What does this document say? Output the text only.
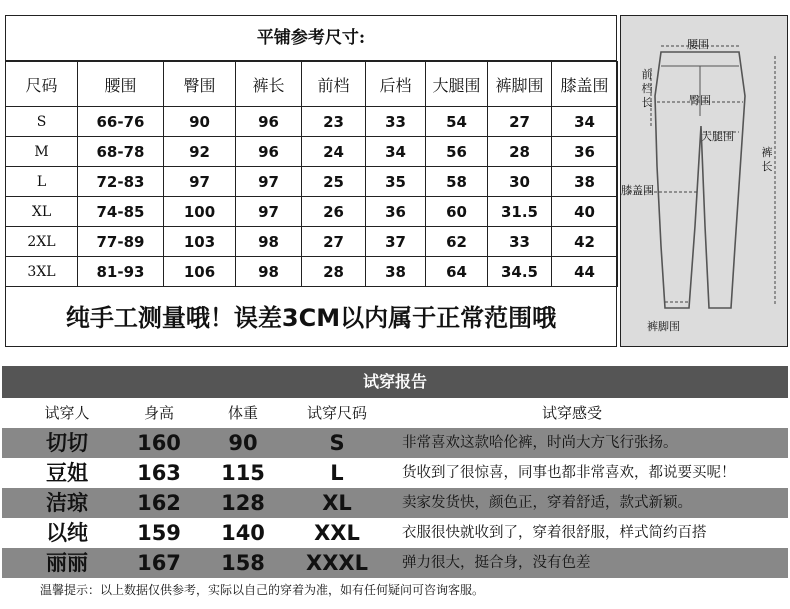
平铺参考尺寸:
尺码	腰围	臀围	裤长	前档	后档	大腿围	裤脚围	膝盖围
S	66-76	90	96	23	33	54	27	34
M	68-78	92	96	24	34	56	28	36
L	72-83	97	97	25	35	58	30	38
XL	74-85	100	97	26	36	60	31.5	40
2XL	77-89	103	98	27	37	62	33	42
3XL	81-93	106	98	28	38	64	34.5	44
纯手工测量哦！误差3CM以内属于正常范围哦
腰围
前档长	臀围
大腿围
裤长
膝盖围
裤脚围
试穿报告
试穿人	身高	体重	试穿尺码	试穿感受
切切	160	90	S	非常喜欢这款哈伦裤，时尚大方飞行张扬。
豆姐	163	115	L	货收到了很惊喜，同事也都非常喜欢，都说要买呢！
洁琼	162	128	XL	卖家发货快，颜色正，穿着舒适，款式新颖。
以纯	159	140	XXL	衣服很快就收到了，穿着很舒服，样式简约百搭
丽丽	167	158	XXXL	弹力很大，挺合身，没有色差
温馨提示：以上数据仅供参考，实际以自己的穿着为准，如有任何疑问可咨询客服。
